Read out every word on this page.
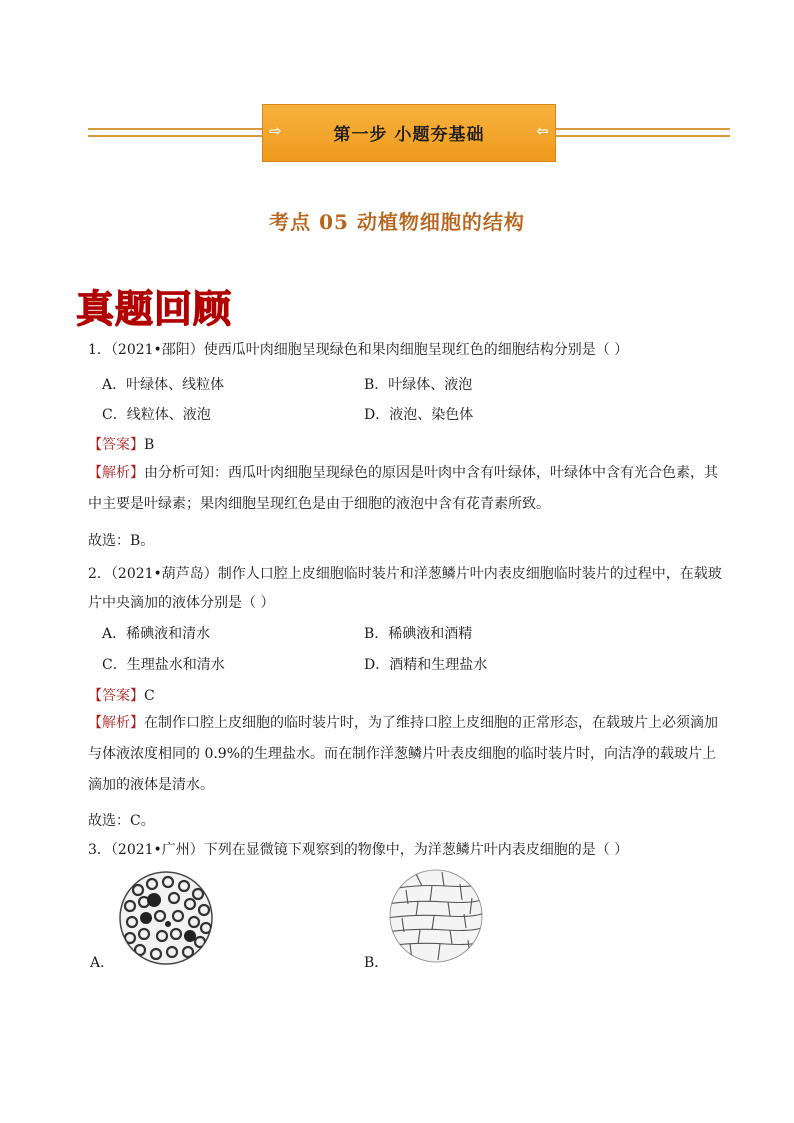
⇨	第一步 小题夯基础	⇦
考点 05 动植物细胞的结构
真题回顾
1．（2021•邵阳）使西瓜叶肉细胞呈现绿色和果肉细胞呈现红色的细胞结构分别是（ ）
A．叶绿体、线粒体	B．叶绿体、液泡
C．线粒体、液泡	D．液泡、染色体
【答案】B
【解析】由分析可知：西瓜叶肉细胞呈现绿色的原因是叶肉中含有叶绿体，叶绿体中含有光合色素，其中主要是叶绿素；果肉细胞呈现红色是由于细胞的液泡中含有花青素所致。
故选：B。
2．（2021•葫芦岛）制作人口腔上皮细胞临时装片和洋葱鳞片叶内表皮细胞临时装片的过程中，在载玻片中央滴加的液体分别是（ ）
A．稀碘液和清水	B．稀碘液和酒精
C．生理盐水和清水	D．酒精和生理盐水
【答案】C
【解析】在制作口腔上皮细胞的临时装片时，为了维持口腔上皮细胞的正常形态，在载玻片上必须滴加与体液浓度相同的 0.9%的生理盐水。而在制作洋葱鳞片叶表皮细胞的临时装片时，向洁净的载玻片上滴加的液体是清水。
故选：C。
3．（2021•广州）下列在显微镜下观察到的物像中，为洋葱鳞片叶内表皮细胞的是（ ）
A．	B．
